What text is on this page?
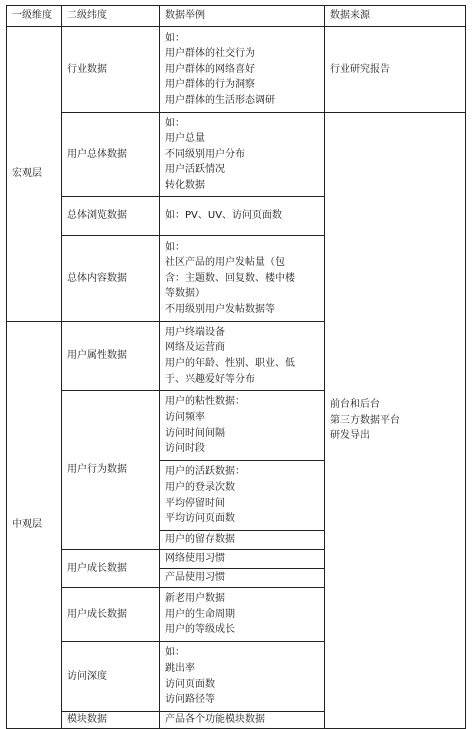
一级维度	二级纬度	数据举例	数据来源
宏观层	行业数据	如：
用户群体的社交行为
用户群体的网络喜好
用户群体的行为洞察
用户群体的生活形态调研	行业研究报告
	用户总体数据	如：
用户总量
不同级别用户分布
用户活跃情况
转化数据	前台和后台
第三方数据平台
研发导出

	总体浏览数据	如：PV、UV、访问页面数	

	总体内容数据	如：
社区产品的用户发帖量（包
含：主题数、回复数、楼中楼
等数据）
不用级别用户发帖数据等	

中观层	用户属性数据	用户终端设备
网络及运营商
用户的年龄、性别、职业、低
于、兴趣爱好等分布	

	用户行为数据	用户的粘性数据：
访问频率
访问时间间隔
访问时段	

		用户的活跃数据：
用户的登录次数
平均停留时间
平均访问页面数	

		用户的留存数据	

	用户成长数据	网络使用习惯	

		产品使用习惯	

	用户成长数据	新老用户数据
用户的生命周期
用户的等级成长	

	访问深度	如：
跳出率
访问页面数
访问路径等	

	模块数据	产品各个功能模块数据	
